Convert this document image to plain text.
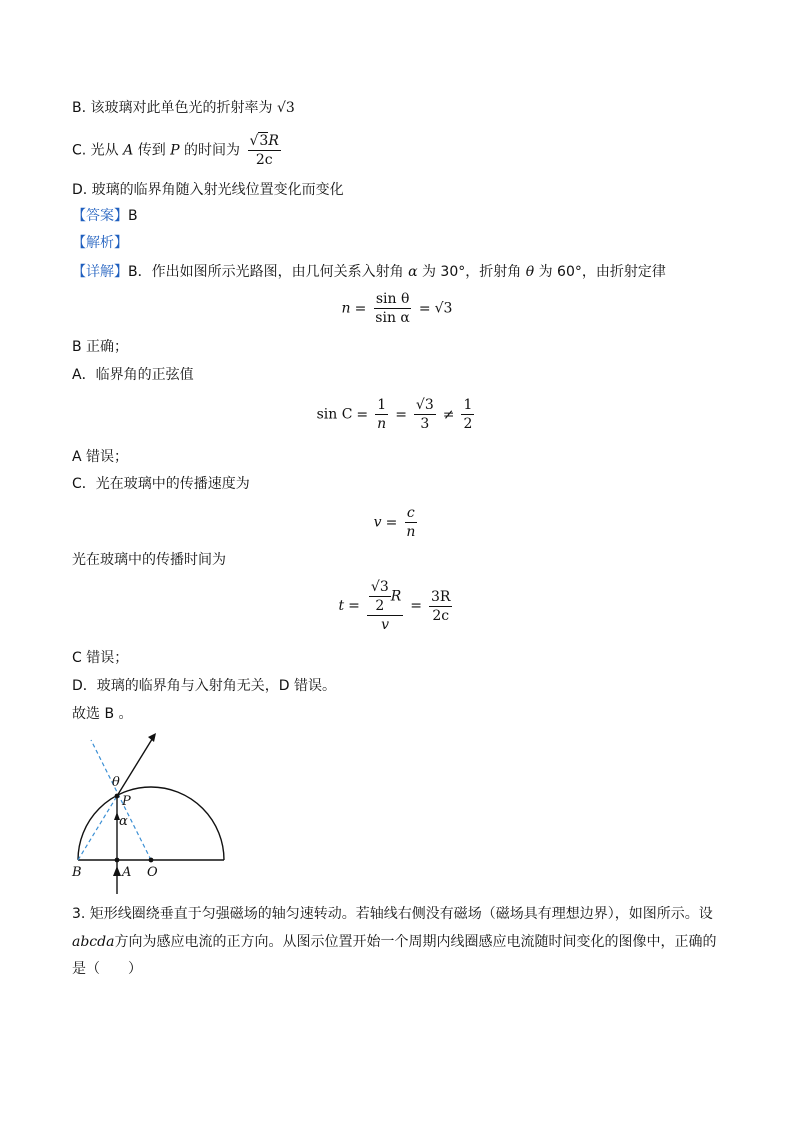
B. 该玻璃对此单色光的折射率为 √3
C. 光从 A 传到 P 的时间为 $\frac{√3R}{2c}$
D. 玻璃的临界角随入射光线位置变化而变化
【答案】B
【解析】
【详解】B．作出如图所示光路图，由几何关系入射角 α 为 30°，折射角 θ 为 60°，由折射定律
$n = \frac{\text{sin θ}}{\text{sin α}} = √3$
B 正确；
A．临界角的正弦值
$\sin C = \frac{1}{n} = \frac{√3}{3} \ne \frac{1}{2}$
A 错误；
C．光在玻璃中的传播速度为
$v = \frac{c}{n}$
光在玻璃中的传播时间为
$t = \frac{\frac{√3}{2} R}{v} = \frac{3R}{2c}$
C 错误；
D．玻璃的临界角与入射角无关，D 错误。
故选 B 。
θ
P
α
B	A O
3. 矩形线圈绕垂直于匀强磁场的轴匀速转动。若轴线右侧没有磁场（磁场具有理想边界），如图所示。设
abcda方向为感应电流的正方向。从图示位置开始一个周期内线圈感应电流随时间变化的图像中，正确的
是（　　）
